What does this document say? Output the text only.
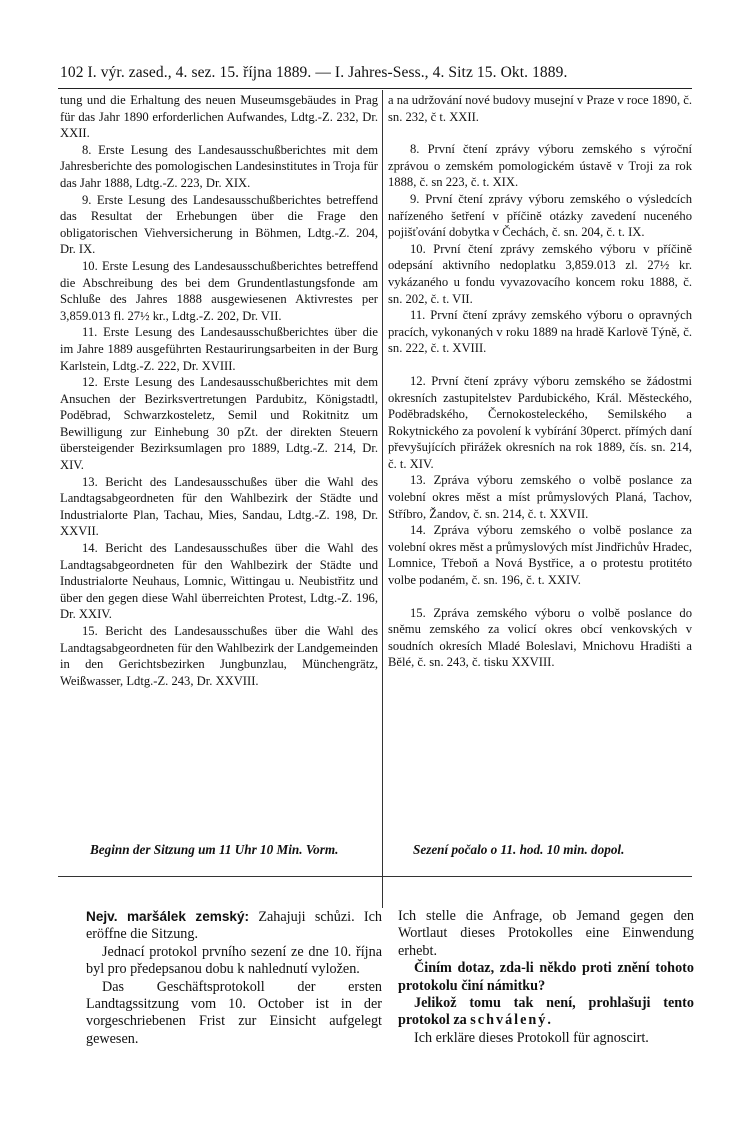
102 I. výr. zased., 4. sez. 15. října 1889. — I. Jahres-Sess., 4. Sitz 15. Okt. 1889.

tung und die Erhaltung des neuen Museumsgebäudes in Prag für das Jahr 1890 erforderlichen Aufwandes, Ldtg.-Z. 232, Dr. XXII.

8. Erste Lesung des Landesausschußberichtes mit dem Jahresberichte des pomologischen Landesinstitutes in Troja für das Jahr 1888, Ldtg.-Z. 223, Dr. XIX.

9. Erste Lesung des Landesausschußberichtes betreffend das Resultat der Erhebungen über die Frage den obligatorischen Viehversicherung in Böhmen, Ldtg.-Z. 204, Dr. IX.

10. Erste Lesung des Landesausschußberichtes betreffend die Abschreibung des bei dem Grundentlastungsfonde am Schluße des Jahres 1888 ausgewiesenen Aktivrestes per 3,859.013 fl. 27½ kr., Ldtg.-Z. 202, Dr. VII.

11. Erste Lesung des Landesausschußberichtes über die im Jahre 1889 ausgeführten Restaurirungsarbeiten in der Burg Karlstein, Ldtg.-Z. 222, Dr. XVIII.

12. Erste Lesung des Landesausschußberichtes mit dem Ansuchen der Bezirksvertretungen Pardubitz, Königstadtl, Poděbrad, Schwarzkosteletz, Semil und Rokitnitz um Bewilligung zur Einhebung 30 pZt. der direkten Steuern übersteigender Bezirksumlagen pro 1889, Ldtg.-Z. 214, Dr. XIV.

13. Bericht des Landesausschußes über die Wahl des Landtagsabgeordneten für den Wahlbezirk der Städte und Industrialorte Plan, Tachau, Mies, Sandau, Ldtg.-Z. 198, Dr. XXVII.

14. Bericht des Landesausschußes über die Wahl des Landtagsabgeordneten für den Wahlbezirk der Städte und Industrialorte Neuhaus, Lomnic, Wittingau u. Neubistřitz und über den gegen diese Wahl überreichten Protest, Ldtg.-Z. 196, Dr. XXIV.

15. Bericht des Landesausschußes über die Wahl des Landtagsabgeordneten für den Wahlbezirk der Landgemeinden in den Gerichtsbezirken Jungbunzlau, Münchengrätz, Weißwasser, Ldtg.-Z. 243, Dr. XXVIII.

a na udržování nové budovy musejní v Praze v roce 1890, č. sn. 232, č t. XXII.

8. První čtení zprávy výboru zemského s výroční zprávou o zemském pomologickém ústavě v Troji za rok 1888, č. sn 223, č. t. XIX.

9. První čtení zprávy výboru zemského o výsledcích nařízeného šetření v příčině otázky zavedení nuceného pojišťování dobytka v Čechách, č. sn. 204, č. t. IX.

10. První čtení zprávy zemského výboru v příčině odepsání aktivního nedoplatku 3,859.013 zl. 27½ kr. vykázaného u fondu vyvazovacího koncem roku 1888, č. sn. 202, č. t. VII.

11. První čtení zprávy zemského výboru o opravných pracích, vykonaných v roku 1889 na hradě Karlově Týně, č. sn. 222, č. t. XVIII.

12. První čtení zprávy výboru zemského se žádostmi okresních zastupitelstev Pardubického, Král. Městeckého, Poděbradského, Černokosteleckého, Semilského a Rokytnického za povolení k vybírání 30perct. přímých daní převyšujících přirážek okresních na rok 1889, čís. sn. 214, č. t. XIV.

13. Zpráva výboru zemského o volbě poslance za volební okres měst a míst průmyslových Planá, Tachov, Stříbro, Žandov, č. sn. 214, č. t. XXVII.

14. Zpráva výboru zemského o volbě poslance za volební okres měst a průmyslových míst Jindřichův Hradec, Lomnice, Třeboň a Nová Bystřice, a o protestu protitéto volbe podaném, č. sn. 196, č. t. XXIV.

15. Zpráva zemského výboru o volbě poslance do sněmu zemského za volicí okres obcí venkovských v soudních okresích Mladé Boleslavi, Mnichovu Hradišti a Bělé, č. sn. 243, č. tisku XXVIII.

Beginn der Sitzung um 11 Uhr 10 Min. Vorm.	Sezení počalo o 11. hod. 10 min. dopol.

Nejv. maršálek zemský: Zahajuji schůzi. Ich eröffne die Sitzung.

Jednací protokol prvního sezení ze dne 10. října byl pro předepsanou dobu k nahlednutí vyložen.

Das Geschäftsprotokoll der ersten Landtagssitzung vom 10. October ist in der vorgeschriebenen Frist zur Einsicht aufgelegt gewesen.

Ich stelle die Anfrage, ob Jemand gegen den Wortlaut dieses Protokolles eine Einwendung erhebt.

Činím dotaz, zda-li někdo proti znění tohoto protokolu činí námitku?

Jelikož tomu tak není, prohlašuji tento protokol za schválený.

Ich erkläre dieses Protokoll für agnoscirt.
